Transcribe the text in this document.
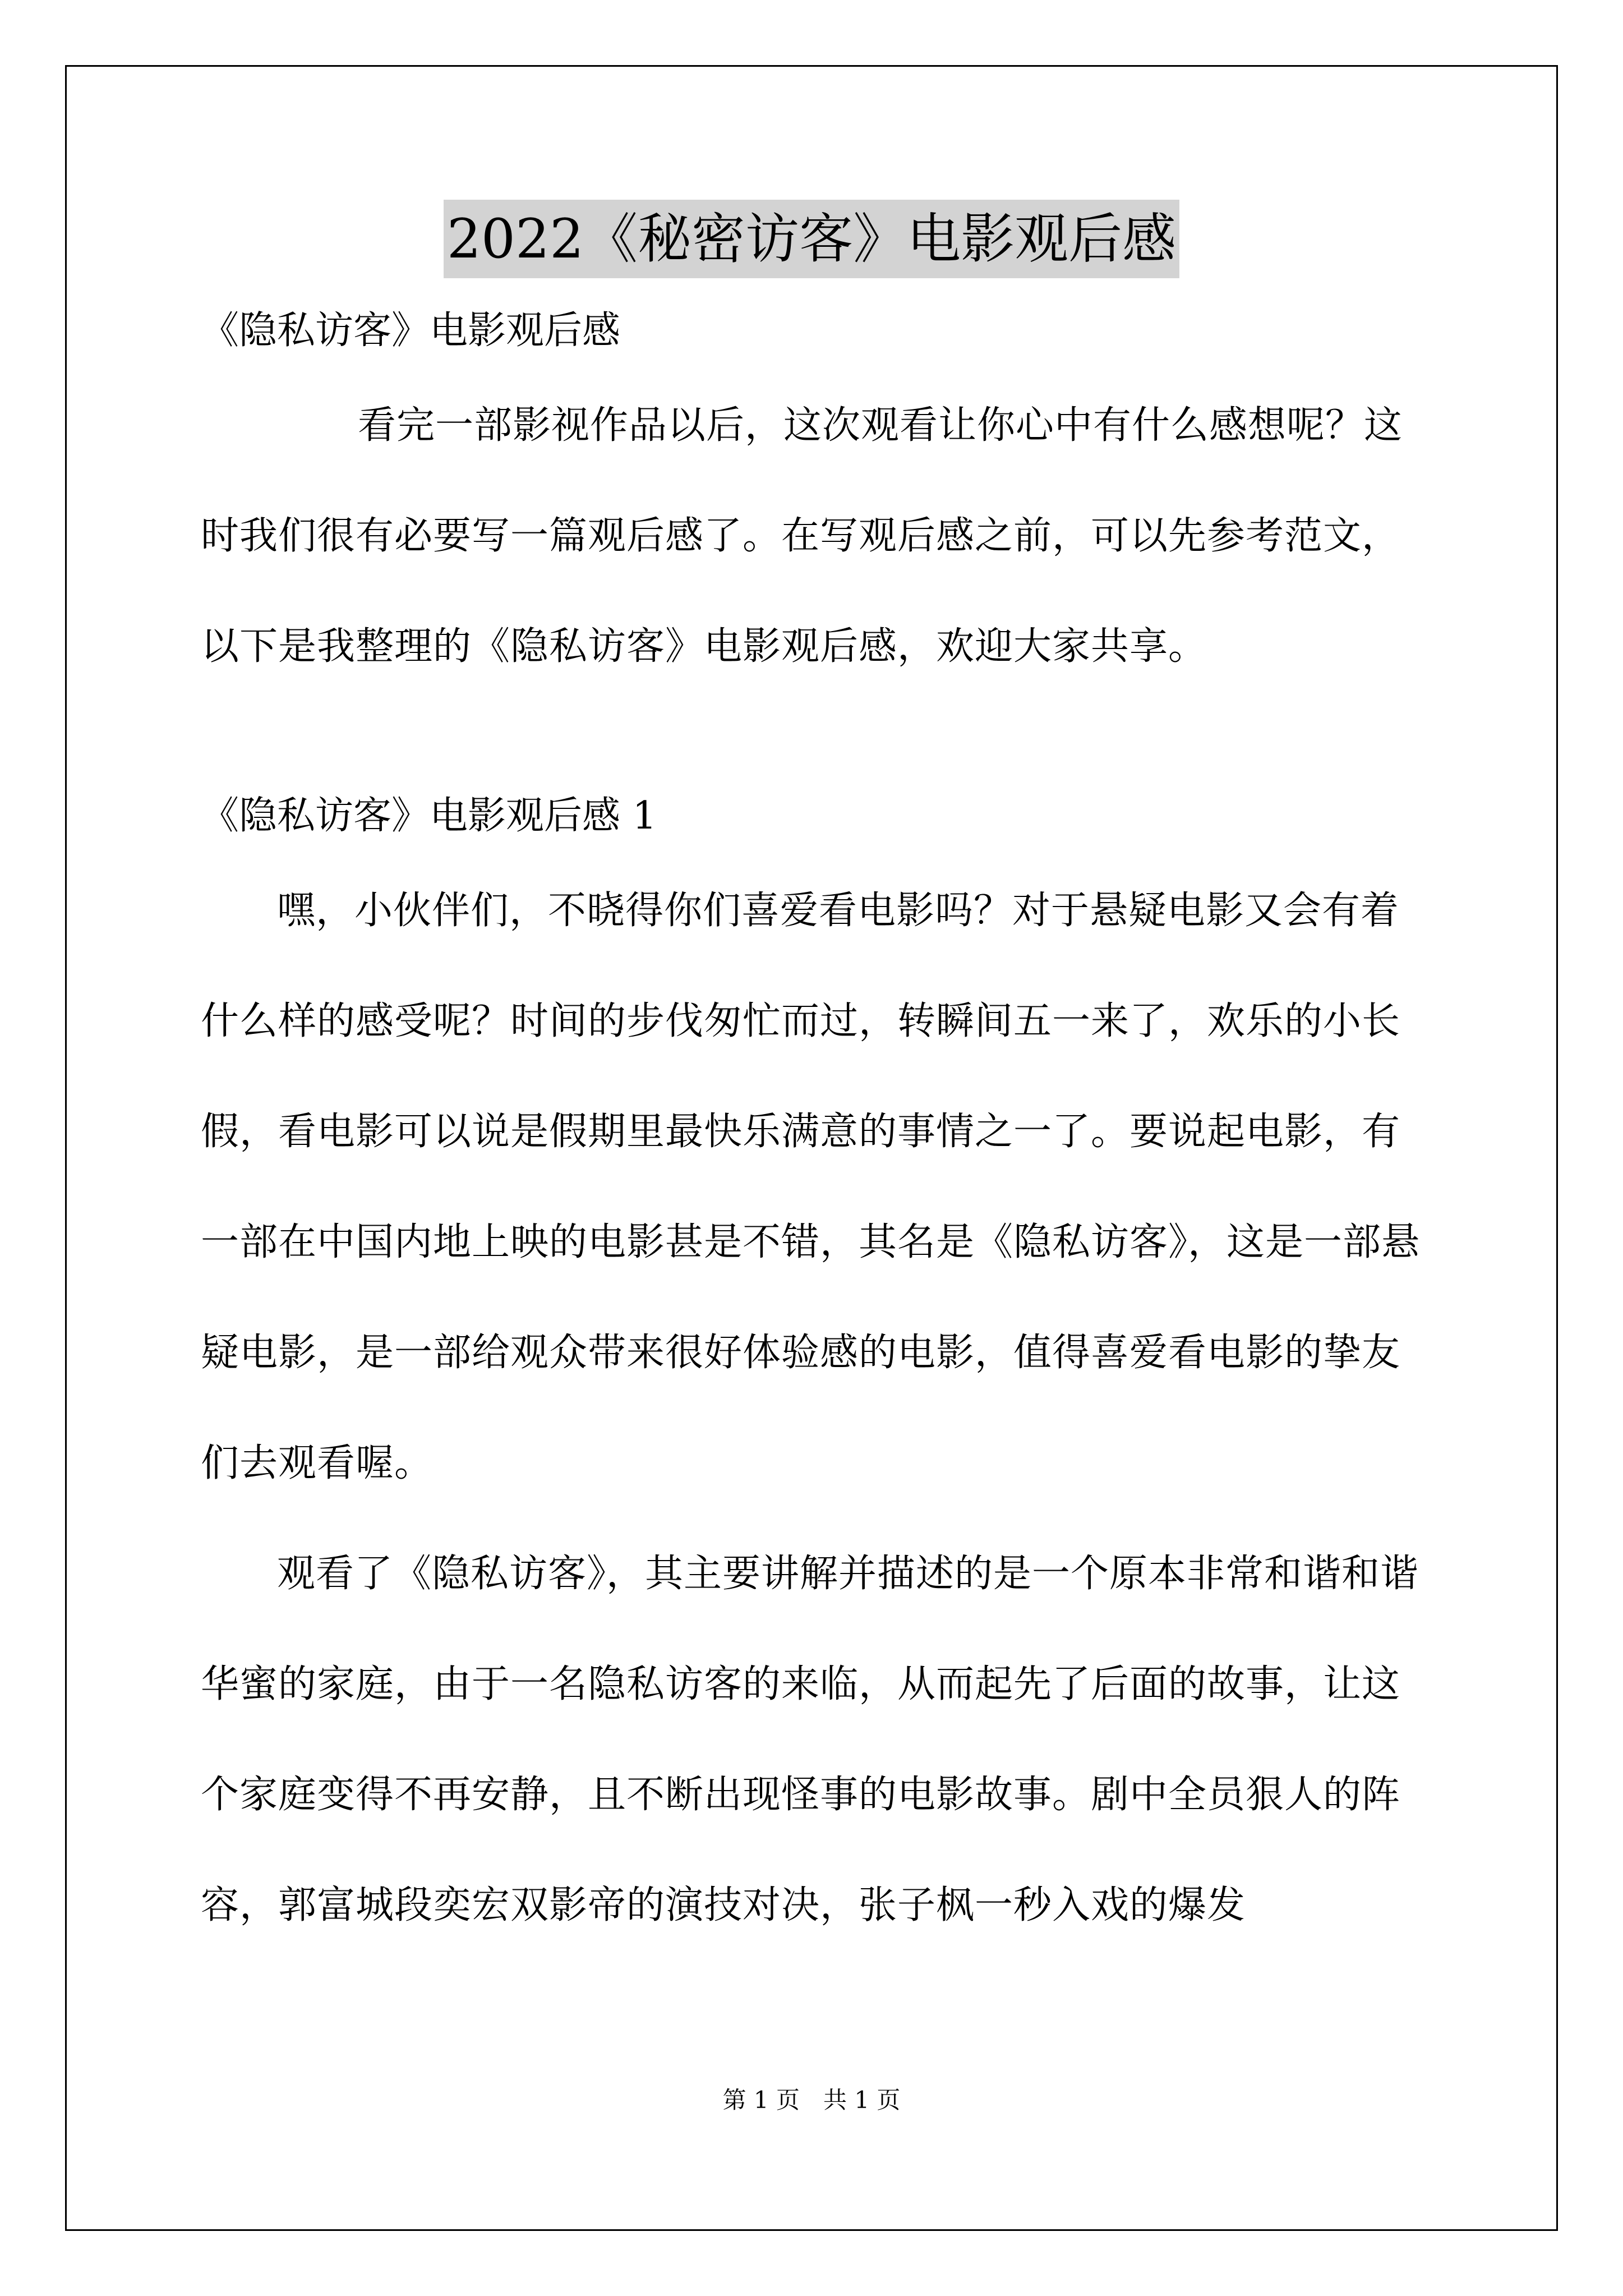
2022《秘密访客》电影观后感

《隐私访客》电影观后感

看完一部影视作品以后，这次观看让你心中有什么感想呢？这时我们很有必要写一篇观后感了。在写观后感之前，可以先参考范文，以下是我整理的《隐私访客》电影观后感，欢迎大家共享。

《隐私访客》电影观后感 1

嘿，小伙伴们，不晓得你们喜爱看电影吗？对于悬疑电影又会有着什么样的感受呢？时间的步伐匆忙而过，转瞬间五一来了，欢乐的小长假，看电影可以说是假期里最快乐满意的事情之一了。要说起电影，有一部在中国内地上映的电影甚是不错，其名是《隐私访客》，这是一部悬疑电影，是一部给观众带来很好体验感的电影，值得喜爱看电影的挚友们去观看喔。

观看了《隐私访客》，其主要讲解并描述的是一个原本非常和谐和谐华蜜的家庭，由于一名隐私访客的来临，从而起先了后面的故事，让这个家庭变得不再安静，且不断出现怪事的电影故事。剧中全员狠人的阵容，郭富城段奕宏双影帝的演技对决，张子枫一秒入戏的爆发

第 1 页　共 1 页
